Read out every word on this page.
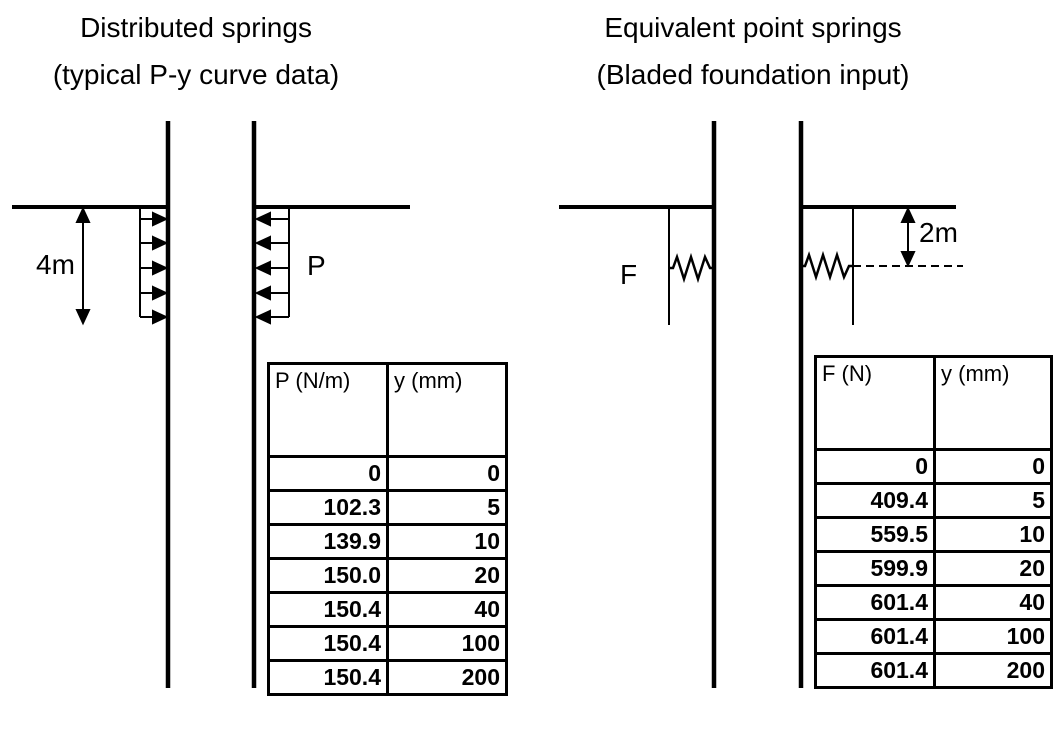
Distributed springs
(typical P-y curve data)
Equivalent point springs
(Bladed foundation input)
4m	P	F
2m
P (N/m)	y (mm)
0	0
102.3	5
139.9	10
150.0	20
150.4	40
150.4	100
150.4	200
F (N)	y (mm)
0	0
409.4	5
559.5	10
599.9	20
601.4	40
601.4	100
601.4	200
